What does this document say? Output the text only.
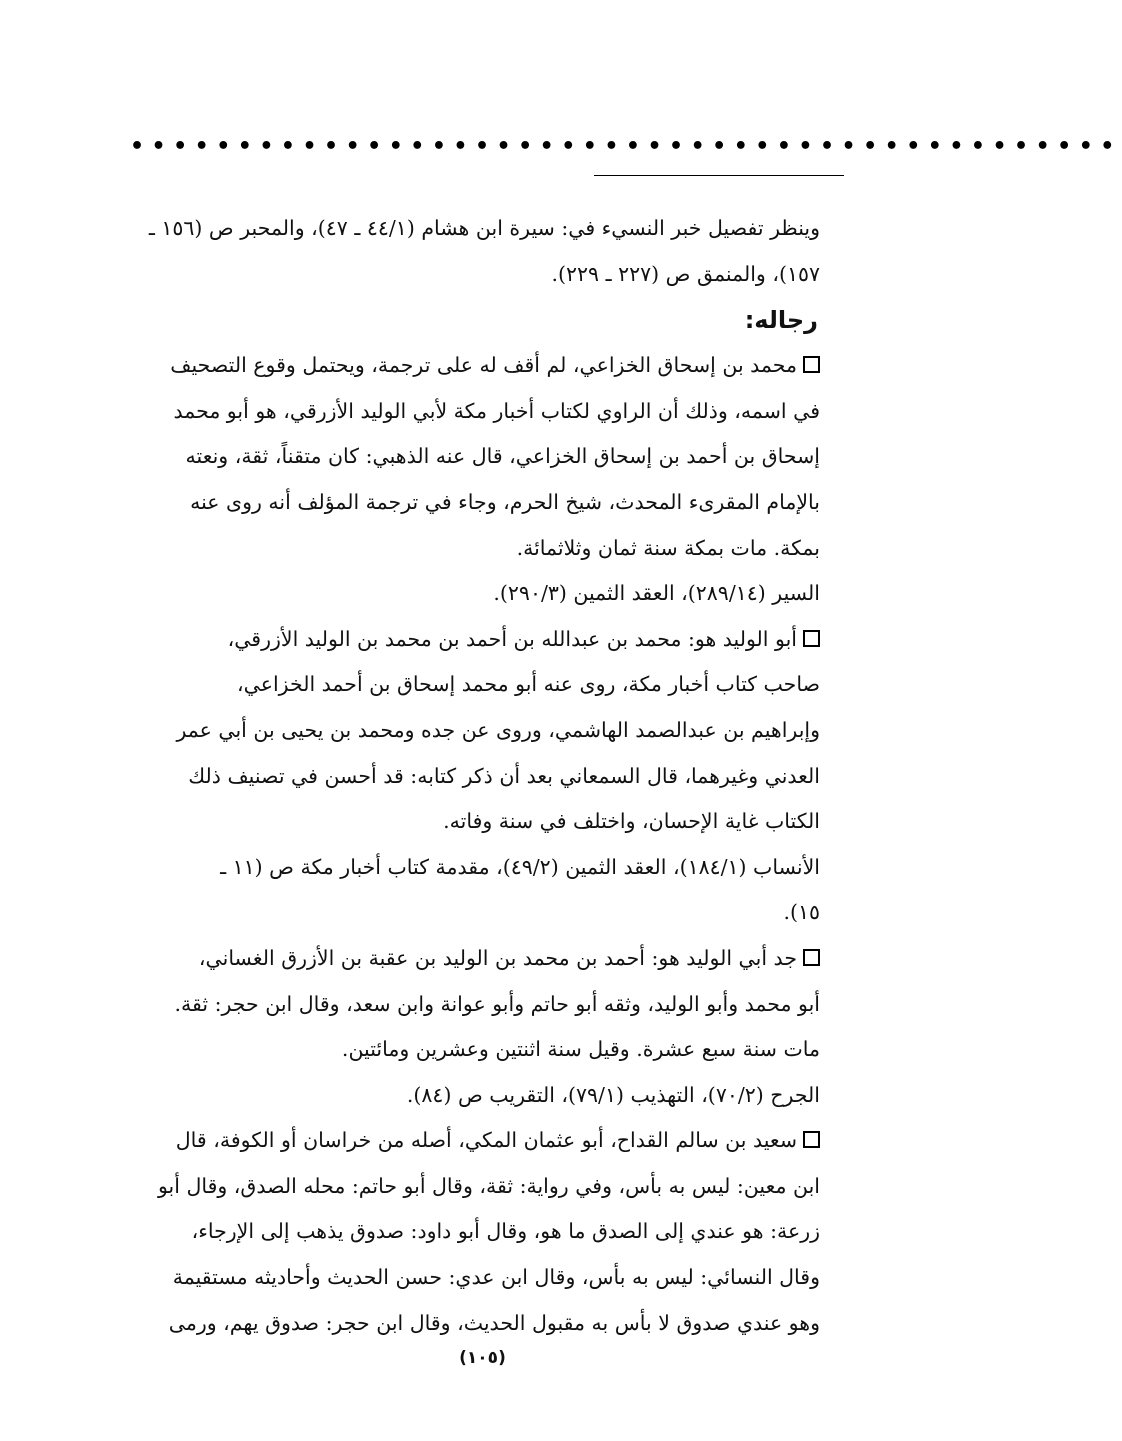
••••••••••••••••••••••••••••••••••••••••••••••
وينظر تفصيل خبر النسيء في: سيرة ابن هشام (٤٤/١ ـ ٤٧)، والمحبر ص (١٥٦ ـ
١٥٧)، والمنمق ص (٢٢٧ ـ ٢٢٩).
رجاله:
محمد بن إسحاق الخزاعي، لم أقف له على ترجمة، ويحتمل وقوع التصحيف
في اسمه، وذلك أن الراوي لكتاب أخبار مكة لأبي الوليد الأزرقي، هو أبو محمد
إسحاق بن أحمد بن إسحاق الخزاعي، قال عنه الذهبي: كان متقناً، ثقة، ونعته
بالإمام المقرىء المحدث، شيخ الحرم، وجاء في ترجمة المؤلف أنه روى عنه
بمكة. مات بمكة سنة ثمان وثلاثمائة.
السير (٢٨٩/١٤)، العقد الثمين (٢٩٠/٣).
أبو الوليد هو: محمد بن عبدالله بن أحمد بن محمد بن الوليد الأزرقي،
صاحب كتاب أخبار مكة، روى عنه أبو محمد إسحاق بن أحمد الخزاعي،
وإبراهيم بن عبدالصمد الهاشمي، وروى عن جده ومحمد بن يحيى بن أبي عمر
العدني وغيرهما، قال السمعاني بعد أن ذكر كتابه: قد أحسن في تصنيف ذلك
الكتاب غاية الإحسان، واختلف في سنة وفاته.
الأنساب (١٨٤/١)، العقد الثمين (٤٩/٢)، مقدمة كتاب أخبار مكة ص (١١ ـ
١٥).
جد أبي الوليد هو: أحمد بن محمد بن الوليد بن عقبة بن الأزرق الغساني،
أبو محمد وأبو الوليد، وثقه أبو حاتم وأبو عوانة وابن سعد، وقال ابن حجر: ثقة.
مات سنة سبع عشرة. وقيل سنة اثنتين وعشرين ومائتين.
الجرح (٧٠/٢)، التهذيب (٧٩/١)، التقريب ص (٨٤).
سعيد بن سالم القداح، أبو عثمان المكي، أصله من خراسان أو الكوفة، قال
ابن معين: ليس به بأس، وفي رواية: ثقة، وقال أبو حاتم: محله الصدق، وقال أبو
زرعة: هو عندي إلى الصدق ما هو، وقال أبو داود: صدوق يذهب إلى الإرجاء،
وقال النسائي: ليس به بأس، وقال ابن عدي: حسن الحديث وأحاديثه مستقيمة
وهو عندي صدوق لا بأس به مقبول الحديث، وقال ابن حجر: صدوق يهم، ورمى
(١٠٥)
